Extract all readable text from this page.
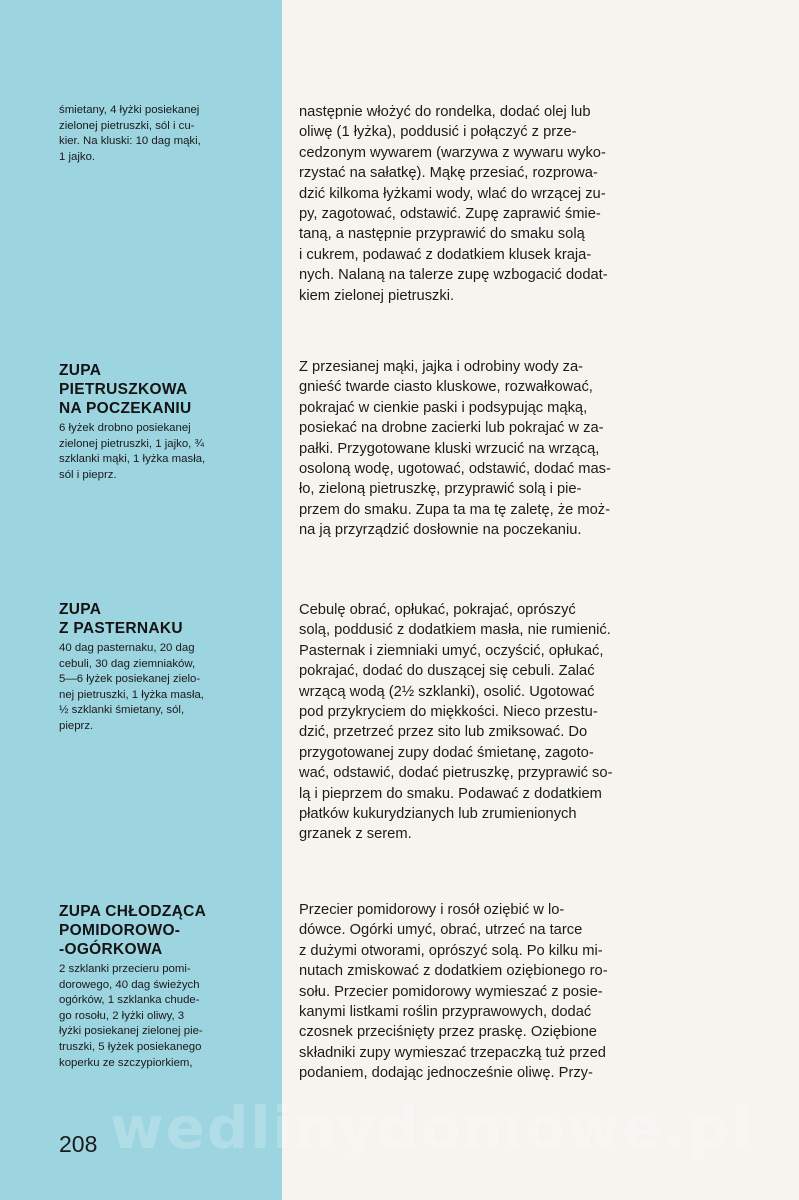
śmietany, 4 łyżki posiekanej
zielonej pietruszki, sól i cu-
kier. Na kluski: 10 dag mąki,
1 jajko.

następnie włożyć do rondelka, dodać olej lub
oliwę (1 łyżka), poddusić i połączyć z prze-
cedzonym wywarem (warzywa z wywaru wyko-
rzystać na sałatkę). Mąkę przesiać, rozprowa-
dzić kilkoma łyżkami wody, wlać do wrzącej zu-
py, zagotować, odstawić. Zupę zaprawić śmie-
taną, a następnie przyprawić do smaku solą
i cukrem, podawać z dodatkiem klusek kraja-
nych. Nalaną na talerze zupę wzbogacić dodat-
kiem zielonej pietruszki.

ZUPA
PIETRUSZKOWA
NA POCZEKANIU

6 łyżek drobno posiekanej
zielonej pietruszki, 1 jajko, ¾
szklanki mąki, 1 łyżka masła,
sól i pieprz.

Z przesianej mąki, jajka i odrobiny wody za-
gnieść twarde ciasto kluskowe, rozwałkować,
pokrajać w cienkie paski i podsypując mąką,
posiekać na drobne zacierki lub pokrajać w za-
pałki. Przygotowane kluski wrzucić na wrzącą,
osoloną wodę, ugotować, odstawić, dodać mas-
ło, zieloną pietruszkę, przyprawić solą i pie-
przem do smaku. Zupa ta ma tę zaletę, że moż-
na ją przyrządzić dosłownie na poczekaniu.

ZUPA
Z PASTERNAKU

40 dag pasternaku, 20 dag
cebuli, 30 dag ziemniaków,
5—6 łyżek posiekanej zielo-
nej pietruszki, 1 łyżka masła,
½ szklanki śmietany, sól,
pieprz.

Cebulę obrać, opłukać, pokrajać, oprószyć
solą, poddusić z dodatkiem masła, nie rumienić.
Pasternak i ziemniaki umyć, oczyścić, opłukać,
pokrajać, dodać do duszącej się cebuli. Zalać
wrzącą wodą (2½ szklanki), osolić. Ugotować
pod przykryciem do miękkości. Nieco przestu-
dzić, przetrzeć przez sito lub zmiksować. Do
przygotowanej zupy dodać śmietanę, zagoto-
wać, odstawić, dodać pietruszkę, przyprawić so-
lą i pieprzem do smaku. Podawać z dodatkiem
płatków kukurydzianych lub zrumienionych
grzanek z serem.

ZUPA CHŁODZĄCA
POMIDOROWO-
-OGÓRKOWA

2 szklanki przecieru pomi-
dorowego, 40 dag świeżych
ogórków, 1 szklanka chude-
go rosołu, 2 łyżki oliwy, 3
łyżki posiekanej zielonej pie-
truszki, 5 łyżek posiekanego
koperku ze szczypiorkiem,

Przecier pomidorowy i rosół oziębić w lo-
dówce. Ogórki umyć, obrać, utrzeć na tarce
z dużymi otworami, oprószyć solą. Po kilku mi-
nutach zmiskować z dodatkiem oziębionego ro-
sołu. Przecier pomidorowy wymieszać z posie-
kanymi listkami roślin przyprawowych, dodać
czosnek przeciśnięty przez praskę. Oziębione
składniki zupy wymieszać trzepaczką tuż przed
podaniem, dodając jednocześnie oliwę. Przy-

wedlinydomowe.pl
208
